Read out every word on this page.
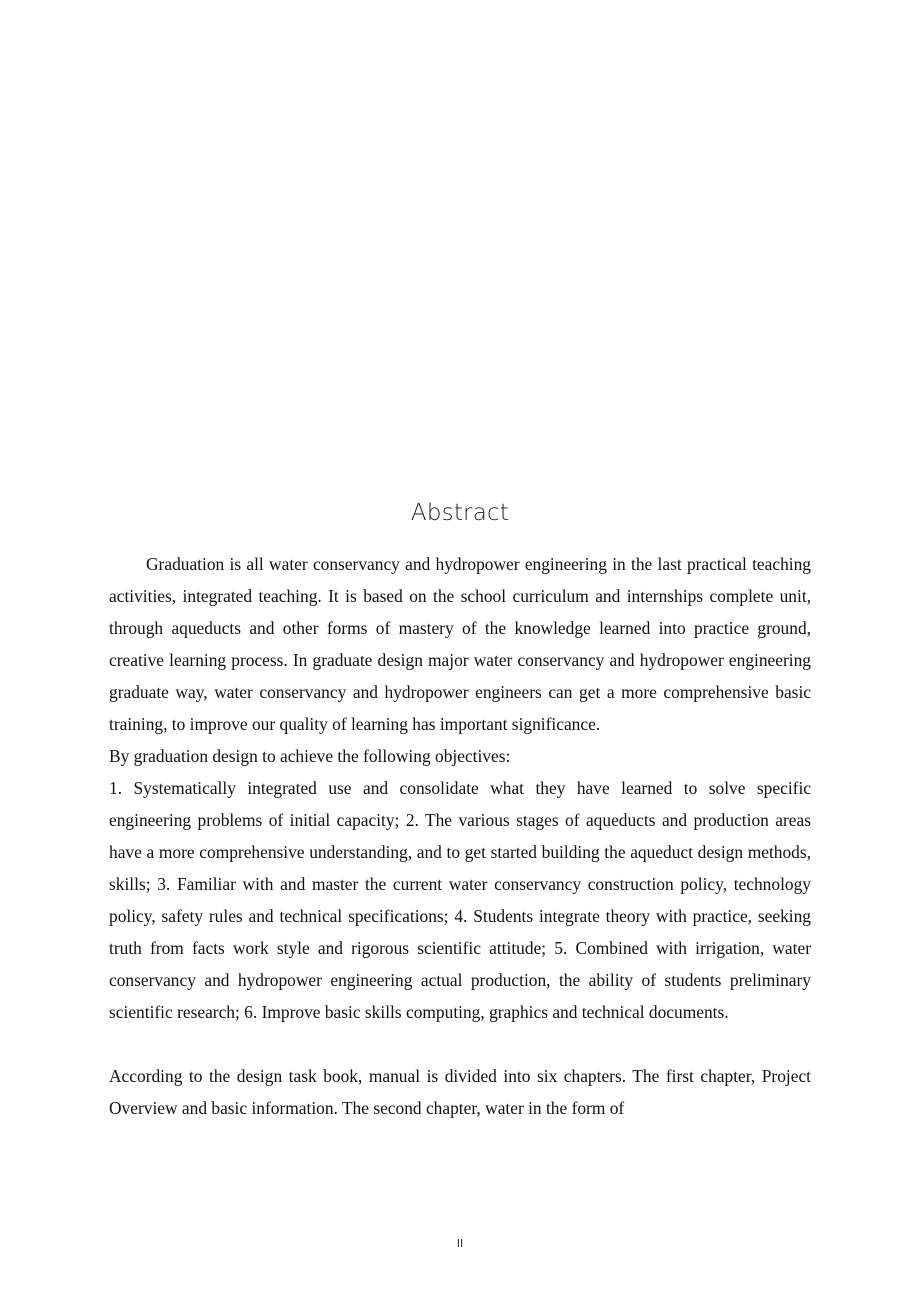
Abstract

Graduation is all water conservancy and hydropower engineering in the last practical teaching activities, integrated teaching. It is based on the school curriculum and internships complete unit, through aqueducts and other forms of mastery of the knowledge learned into practice ground, creative learning process. In graduate design major water conservancy and hydropower engineering graduate way, water conservancy and hydropower engineers can get a more comprehensive basic training, to improve our quality of learning has important significance.

By graduation design to achieve the following objectives:

1. Systematically integrated use and consolidate what they have learned to solve specific engineering problems of initial capacity; 2. The various stages of aqueducts and production areas have a more comprehensive understanding, and to get started building the aqueduct design methods, skills; 3. Familiar with and master the current water conservancy construction policy, technology policy, safety rules and technical specifications; 4. Students integrate theory with practice, seeking truth from facts work style and rigorous scientific attitude; 5. Combined with irrigation, water conservancy and hydropower engineering actual production, the ability of students preliminary scientific research; 6. Improve basic skills computing, graphics and technical documents.

According to the design task book, manual is divided into six chapters. The first chapter, Project Overview and basic information. The second chapter, water in the form of

II
